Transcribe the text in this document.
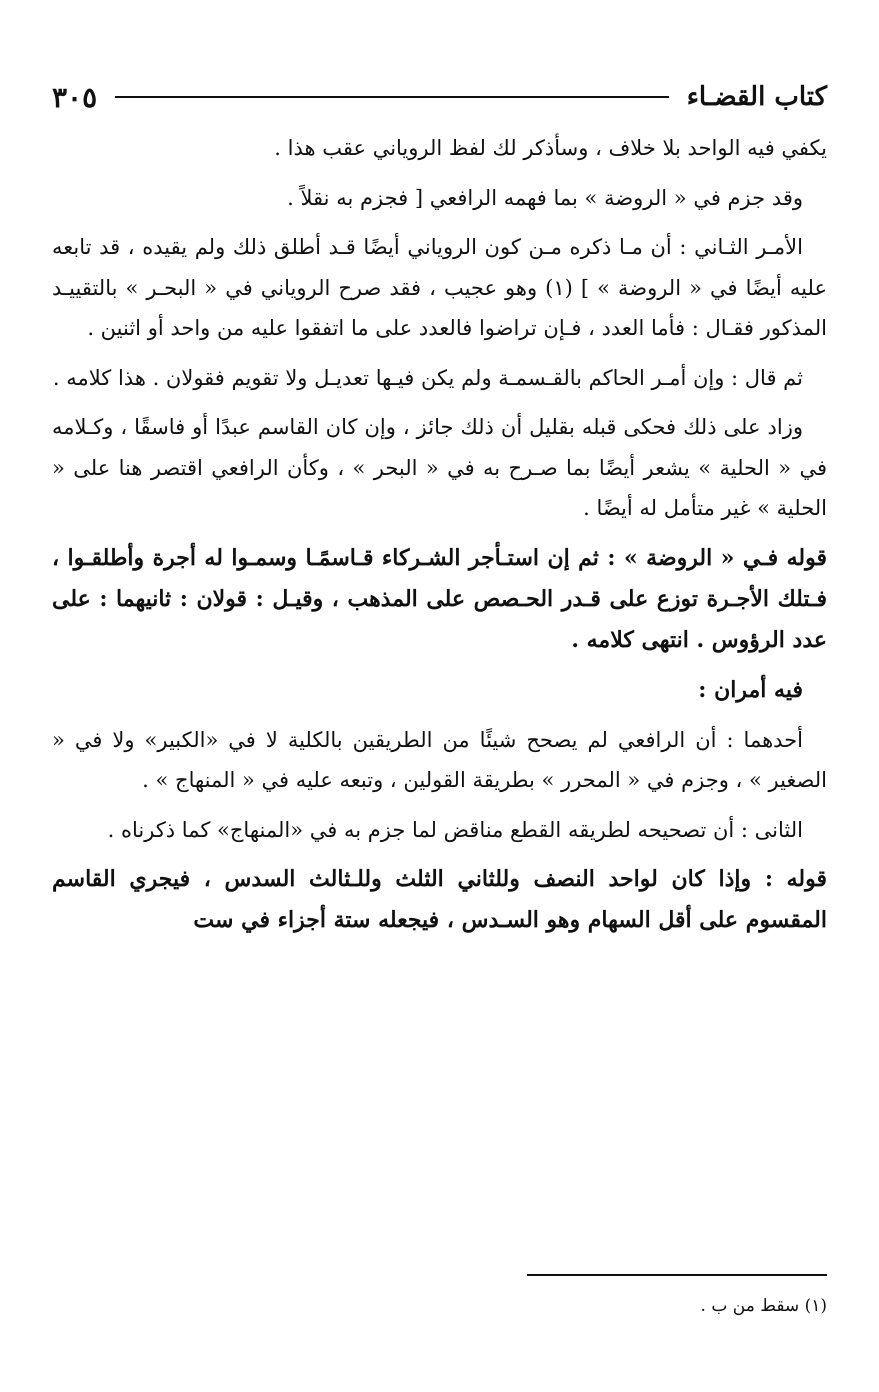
كتاب القضـاء
٣٠٥

يكفي فيه الواحد بلا خلاف ، وسأذكر لك لفظ الروياني عقب هذا .

وقد جزم في « الروضة » بما فهمه الرافعي [ فجزم به نقلاً .

الأمـر الثـاني : أن مـا ذكره مـن كون الروياني أيضًا قـد أطلق ذلك ولم يقيده ، قد تابعه عليه أيضًا في « الروضة » ] (١) وهو عجيب ، فقد صرح الروياني في « البحـر » بالتقييـد المذكور فقـال : فأما العدد ، فـإن تراضوا فالعدد على ما اتفقوا عليه من واحد أو اثنين .

ثم قال : وإن أمـر الحاكم بالقـسمـة ولم يكن فيـها تعديـل ولا تقويم فقولان . هذا كلامه .

وزاد على ذلك فحكى قبله بقليل أن ذلك جائز ، وإن كان القاسم عبدًا أو فاسقًا ، وكـلامه في « الحلية » يشعر أيضًا بما صـرح به في « البحر » ، وكأن الرافعي اقتصر هنا على « الحلية » غير متأمل له أيضًا .

قوله فـي « الروضة » : ثم إن استـأجر الشـركاء قـاسمًـا وسمـوا له أجرة وأطلقـوا ، فـتلك الأجـرة توزع على قـدر الحـصص على المذهب ، وقيـل : قولان : ثانيهما : على عدد الرؤوس . انتهى كلامه .

فيه أمران :

أحدهما : أن الرافعي لم يصحح شيئًا من الطريقين بالكلية لا في «الكبير» ولا في « الصغير » ، وجزم في « المحرر » بطريقة القولين ، وتبعه عليه في « المنهاج » .

الثانى : أن تصحيحه لطريقه القطع مناقض لما جزم به في «المنهاج» كما ذكرناه .

قوله : وإذا كان لواحد النصف وللثاني الثلث وللـثالث السدس ، فيجري القاسم المقسوم على أقل السهام وهو السـدس ، فيجعله ستة أجزاء في ست

(١) سقط من ب .
